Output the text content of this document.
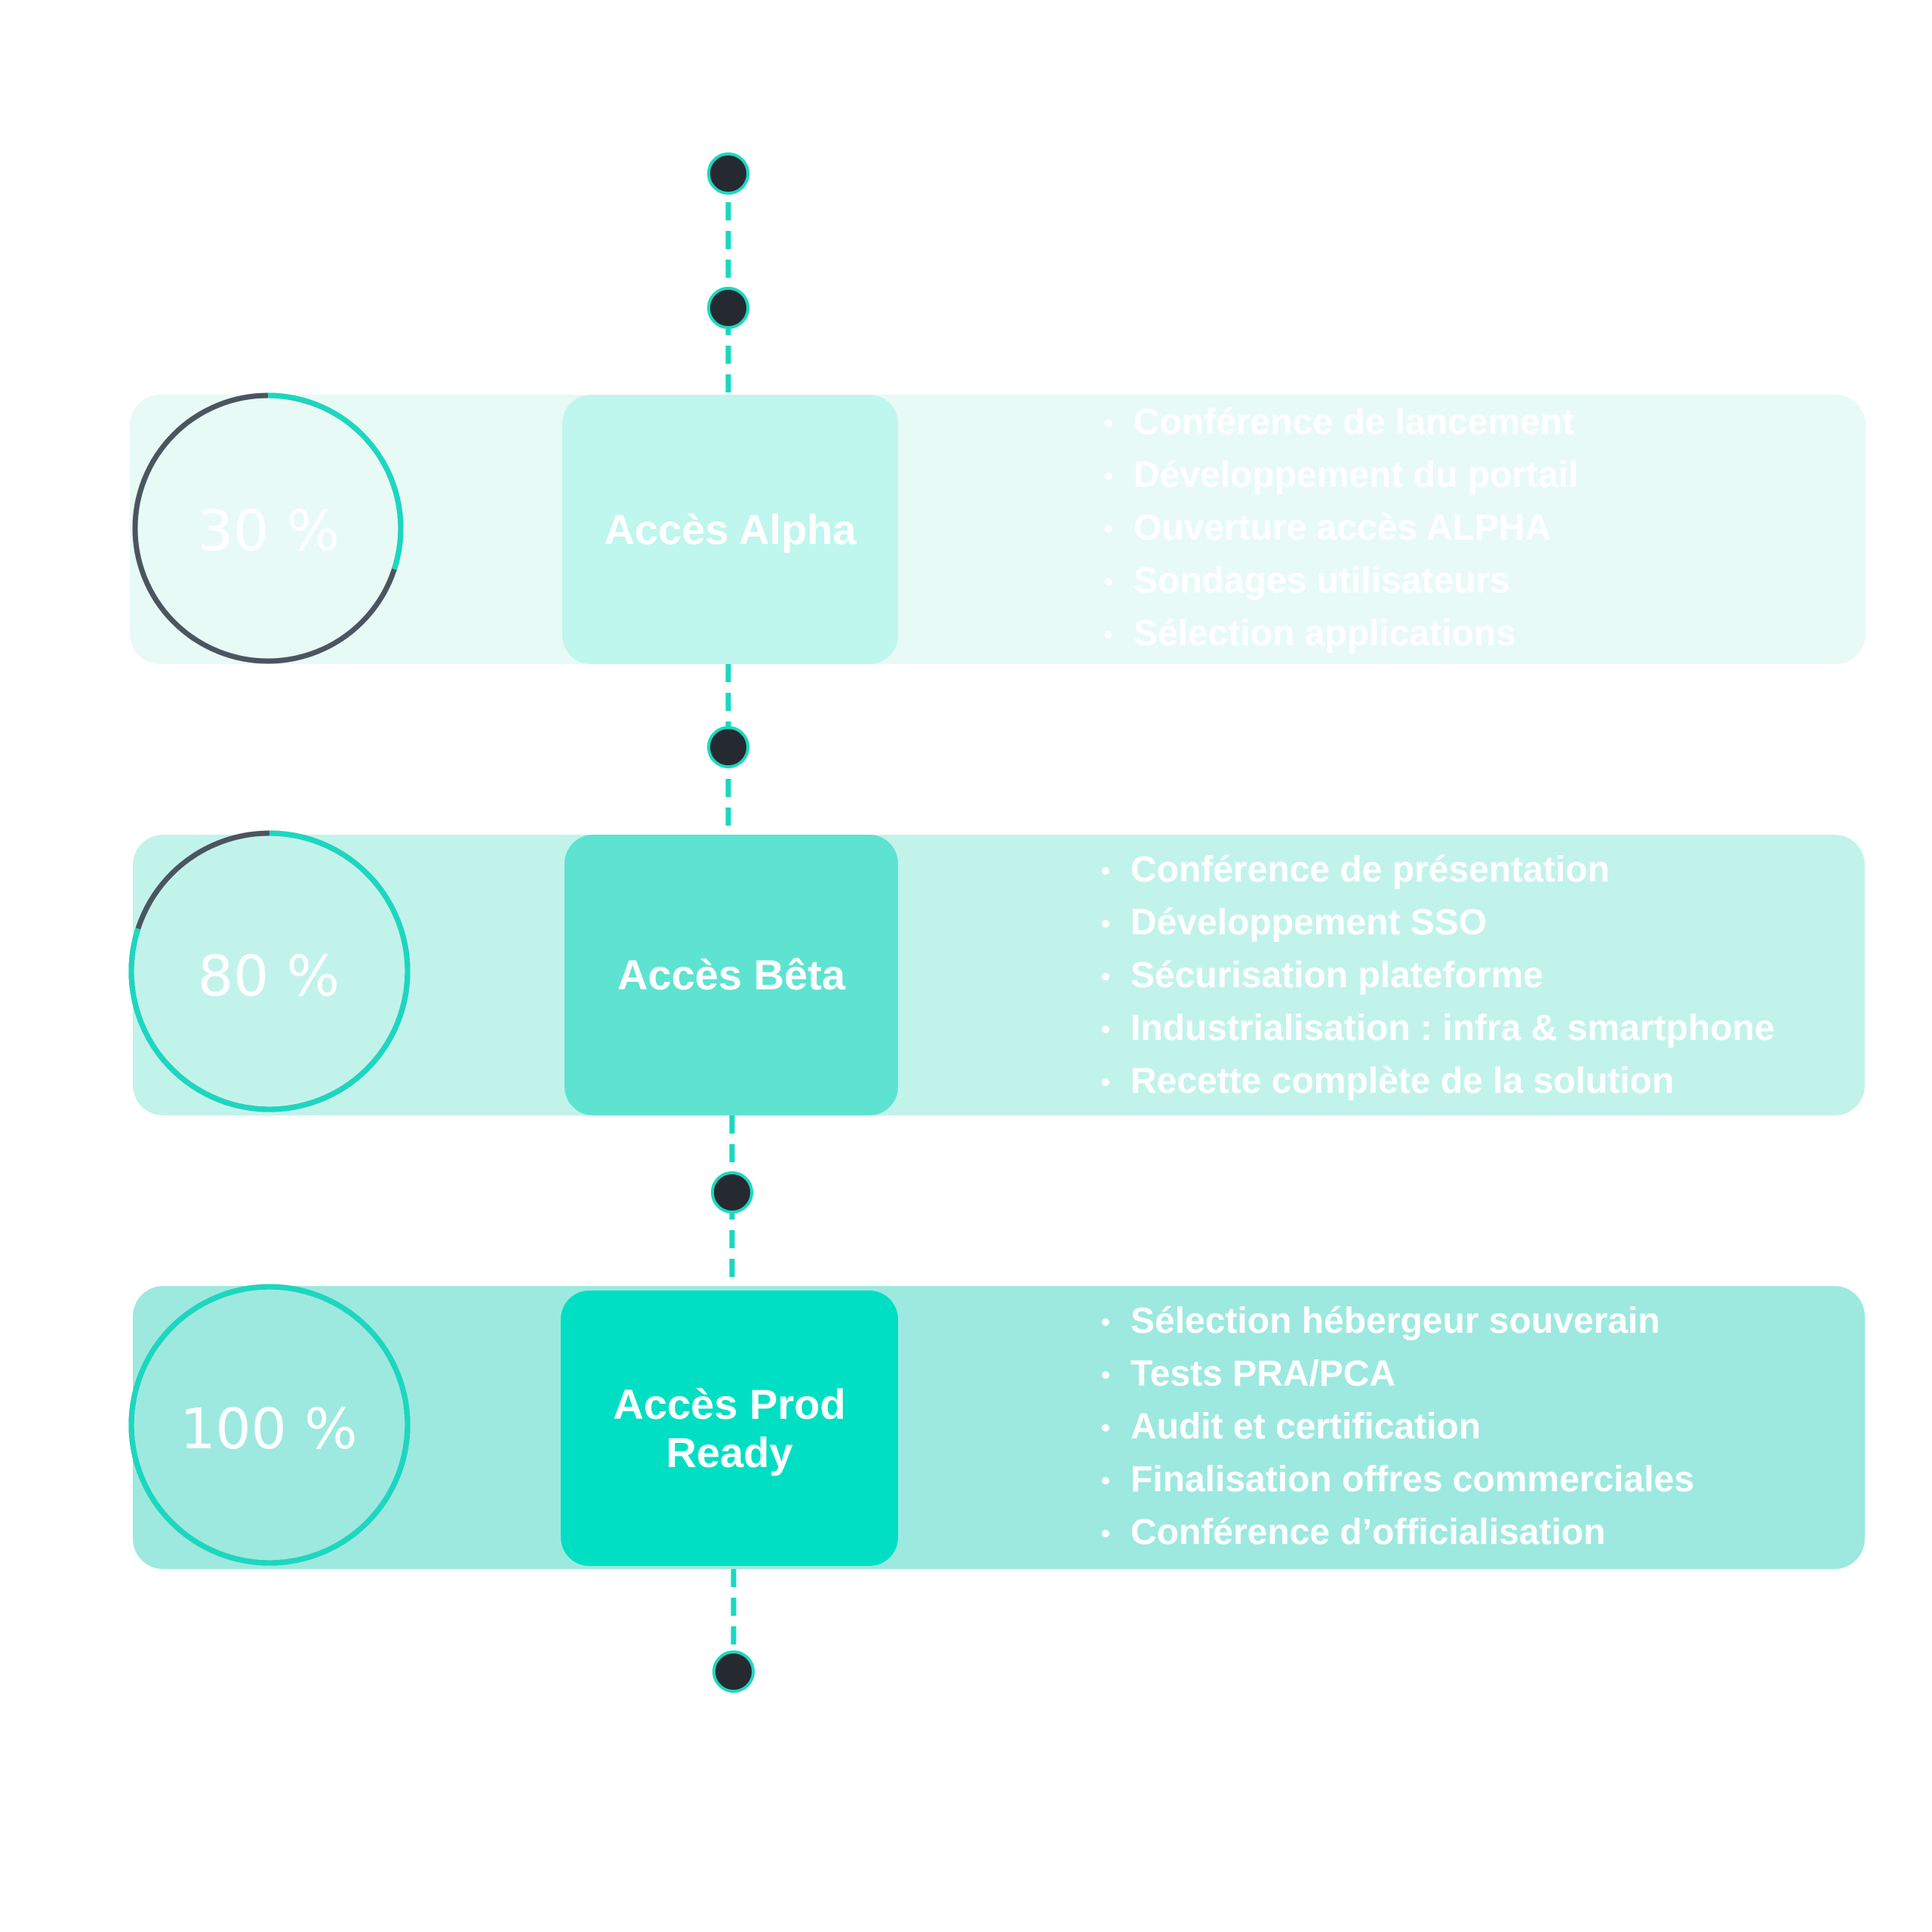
30 %
80 %
100 %
Accès Alpha
Accès Bêta
Accès Prod
Ready
Conférence de lancement
Développement du portail
Ouverture accès ALPHA
Sondages utilisateurs
Sélection applications
Conférence de présentation
Développement SSO
Sécurisation plateforme
Industrialisation : infra & smartphone
Recette complète de la solution
Sélection hébergeur souverain
Tests PRA/PCA
Audit et certification
Finalisation offres commerciales
Conférence d’officialisation
